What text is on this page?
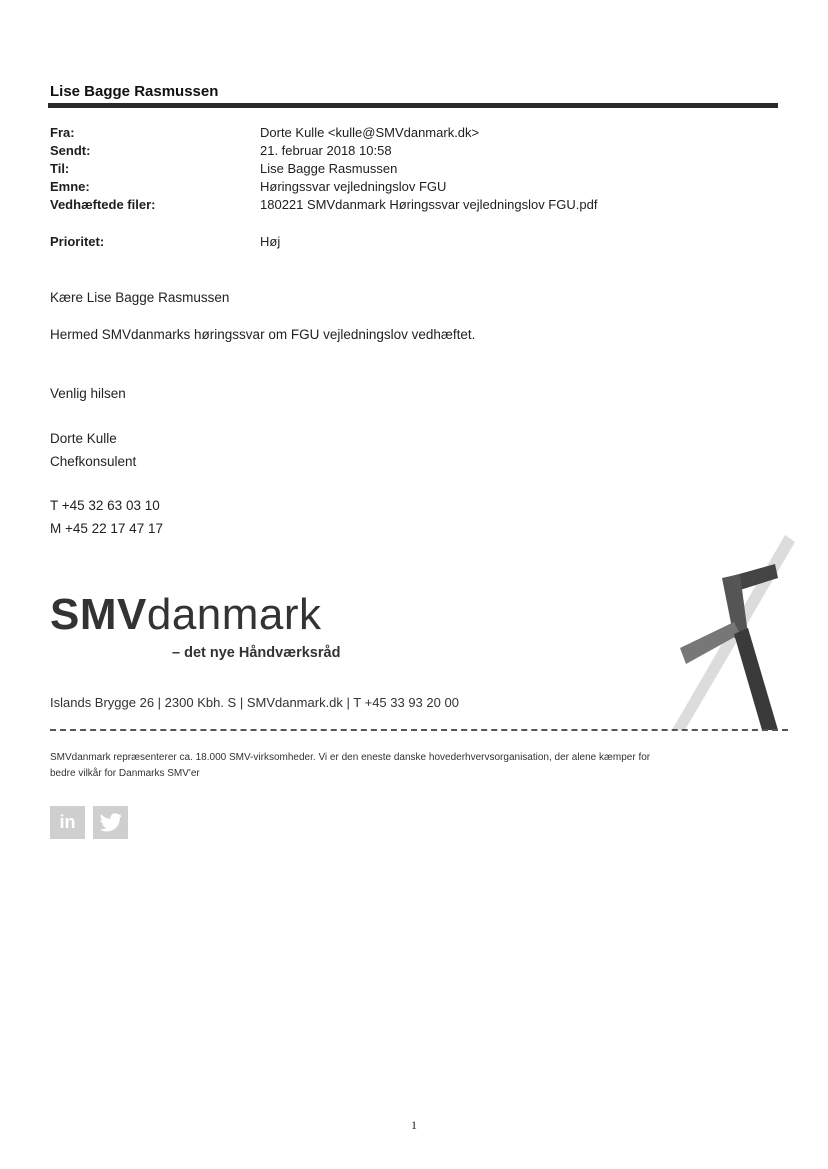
Lise Bagge Rasmussen
Fra:	Dorte Kulle <kulle@SMVdanmark.dk>
Sendt:	21. februar 2018 10:58
Til:	Lise Bagge Rasmussen
Emne:	Høringssvar vejledningslov FGU
Vedhæftede filer:	180221 SMVdanmark Høringssvar vejledningslov FGU.pdf
Prioritet:	Høj
Kære Lise Bagge Rasmussen
Hermed SMVdanmarks høringssvar om FGU vejledningslov vedhæftet.
Venlig hilsen
Dorte Kulle
Chefkonsulent
T +45 32 63 03 10
M +45 22 17 47 17
SMVdanmark
– det nye Håndværksråd
Islands Brygge 26 | 2300 Kbh. S | SMVdanmark.dk | T +45 33 93 20 00
SMVdanmark repræsenterer ca. 18.000 SMV-virksomheder. Vi er den eneste danske hovederhvervsorganisation, der alene kæmper for bedre vilkår for Danmarks SMV'er
in
1
